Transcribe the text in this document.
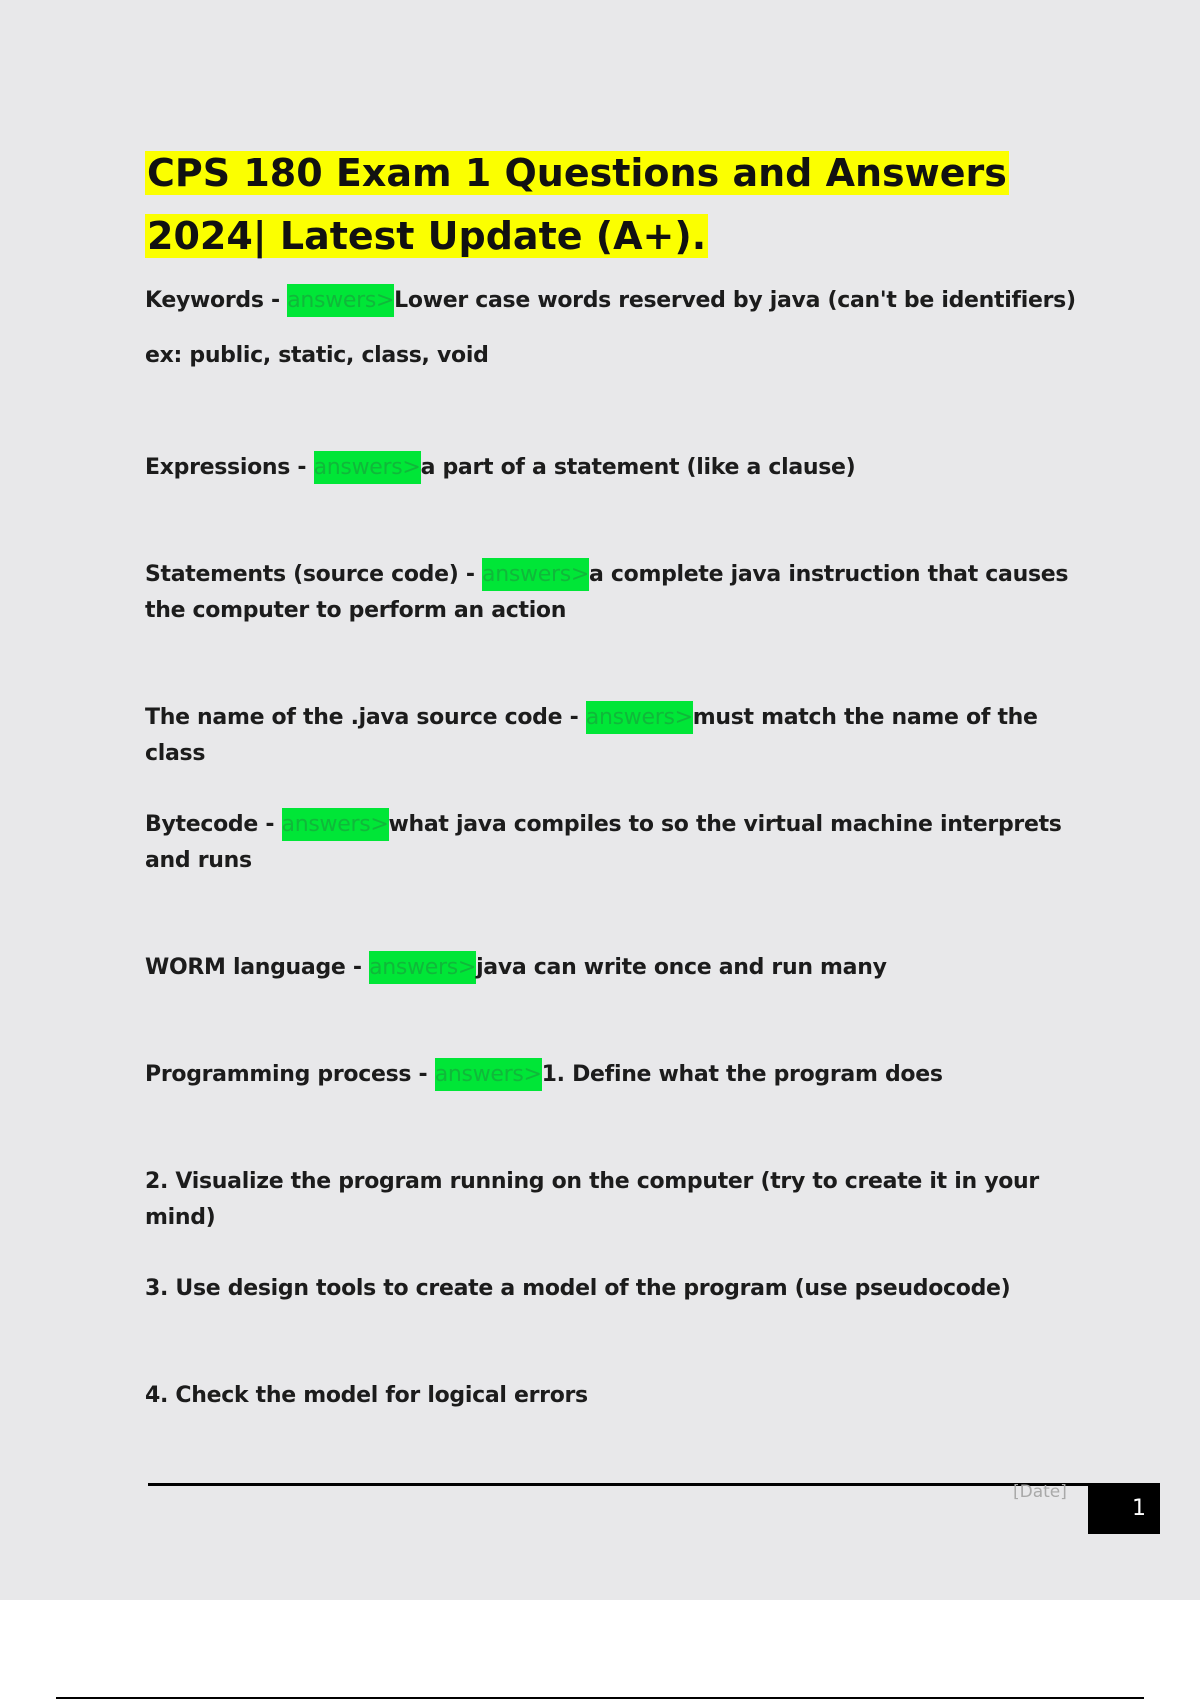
CPS 180 Exam 1 Questions and Answers 2024| Latest Update (A+).

Keywords - answers>Lower case words reserved by java (can't be identifiers)

ex: public, static, class, void

Expressions - answers>a part of a statement (like a clause)

Statements (source code) - answers>a complete java instruction that causes the computer to perform an action

The name of the .java source code - answers>must match the name of the class

Bytecode - answers>what java compiles to so the virtual machine interprets and runs

WORM language - answers>java can write once and run many

Programming process - answers>1. Define what the program does

2. Visualize the program running on the computer (try to create it in your mind)

3. Use design tools to create a model of the program (use pseudocode)

4. Check the model for logical errors

[Date]
1
